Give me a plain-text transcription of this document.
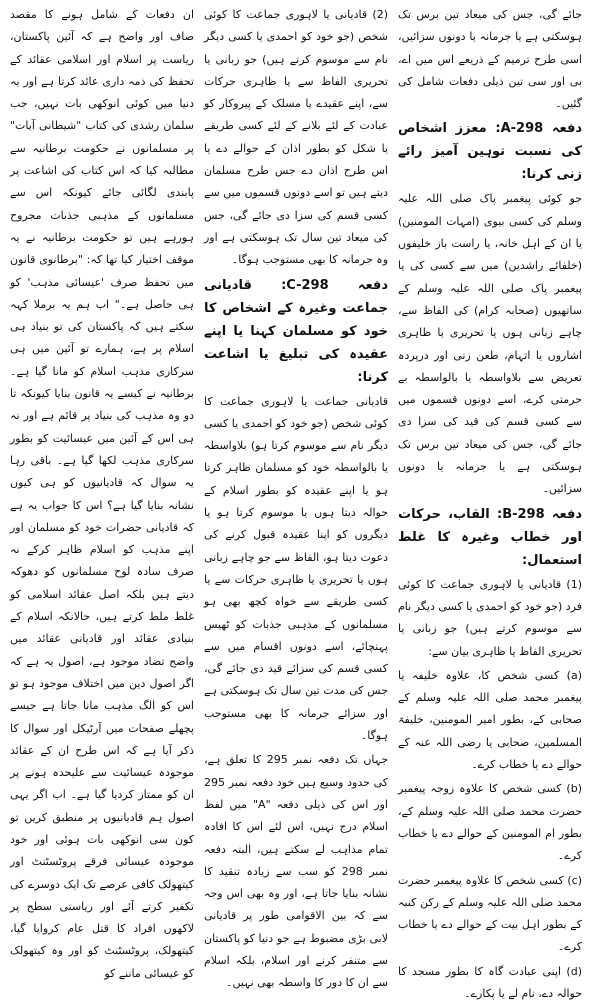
جائے گی، جس کی میعاد تین برس تک ہوسکتی ہے یا جرمانہ یا دونوں سزائیں، اسی طرح ترمیم کے ذریعے اس میں اے، بی اور سی تین ذیلی دفعات شامل کی گئیں۔

دفعہ A-298: معزز اشخاص کی نسبت توہین آمیز رائے زنی کرنا:

جو کوئی پیغمبر پاک صلی اللہ علیہ وسلم کی کسی بیوی (امہات المومنین) یا ان کے اہل خانہ، یا راست باز خلیفوں (خلفائے راشدین) میں سے کسی کی یا پیغمبر پاک صلی اللہ علیہ وسلم کے ساتھیوں (صحابہ کرام) کی الفاظ سے، چاہے زبانی ہوں یا تحریری یا ظاہری اشاروں یا اتہام، طعن زنی اور درپردہ تعریض سے بلاواسطہ یا بالواسطہ بے حرمتی کرے، اسے دونوں قسموں میں سے کسی قسم کی قید کی سزا دی جائے گی، جس کی میعاد تین برس تک ہوسکتی ہے یا جرمانہ یا دونوں سزائیں۔

دفعہ B-298: القاب، حرکات اور خطاب وغیرہ کا غلط استعمال:

(1) قادیانی یا لاہوری جماعت کا کوئی فرد (جو خود کو احمدی یا کسی دیگر نام سے موسوم کرتے ہیں) جو زبانی یا تحریری الفاظ یا ظاہری بیان سے:

(a) کسی شخص کا، علاوہ خلیفہ یا پیغمبر محمد صلی اللہ علیہ وسلم کے صحابی کے، بطور امیر المومنین، خلیفۃ المسلمین، صحابی یا رضی اللہ عنہ کے حوالے دے یا خطاب کرے۔

(b) کسی شخص کا علاوہ زوجہ پیغمبر حضرت محمد صلی اللہ علیہ وسلم کے، بطور ام المومنین کے حوالے دے یا خطاب کرے۔

(c) کسی شخص کا علاوہ پیغمبر حضرت محمد صلی اللہ علیہ وسلم کے رکن کنبہ کے بطور اہل بیت کے حوالے دے یا خطاب کرے۔

(d) اپنی عبادت گاہ کا بطور مسجد کا حوالہ دے، نام لے یا پکارے۔

(2) قادیانی یا لاہوری جماعت کا کوئی شخص (جو خود کو احمدی یا کسی دیگر نام سے موسوم کرتے ہیں) جو زبانی یا تحریری الفاظ سے یا ظاہری حرکات سے، اپنے عقیدے یا مسلک کے پیروکار کو عبادت کے لئے بلانے کے لئے کسی طریقے یا شکل کو بطور اذان کے حوالے دے یا اس طرح اذان دے جس طرح مسلمان دیتے ہیں تو اسے دونوں قسموں میں سے کسی قسم کی سزا دی جائے گی، جس کی میعاد تین سال تک ہوسکتی ہے اور وہ جرمانہ کا بھی مستوجب ہوگا۔

دفعہ C-298: قادیانی جماعت وغیرہ کے اشخاص کا خود کو مسلمان کہنا یا اپنے عقیدہ کی تبلیغ یا اشاعت کرنا:

قادیانی جماعت یا لاہوری جماعت کا کوئی شخص (جو خود کو احمدی یا کسی دیگر نام سے موسوم کرتا ہو) بلاواسطہ یا بالواسطہ خود کو مسلمان ظاہر کرتا ہو یا اپنے عقیدہ کو بطور اسلام کے حوالہ دیتا ہوں یا موسوم کرتا ہو یا دیگروں کو اپنا عقیدہ قبول کرنے کی دعوت دیتا ہو، الفاظ سے جو چاہے زبانی ہوں یا تحریری یا ظاہری حرکات سے یا کسی طریقے سے خواہ کچھ بھی ہو مسلمانوں کے مذہبی جذبات کو ٹھیس پہنچائے، اسے دونوں اقسام میں سے کسی قسم کی سزائے قید دی جائے گی، جس کی مدت تین سال تک ہوسکتی ہے اور سزائے جرمانہ کا بھی مستوجب ہوگا۔

جہاں تک دفعہ نمبر 295 کا تعلق ہے، کی حدود وسیع ہیں خود دفعہ نمبر 295 اور اس کی ذیلی دفعہ "A" میں لفظ اسلام درج نہیں، اس لئے اس کا افادہ تمام مذاہب لے سکتے ہیں، البتہ دفعہ نمبر 298 کو سب سے زیادہ تنقید کا نشانہ بنایا جاتا ہے، اور وہ بھی اس وجہ سے کہ بین الاقوامی طور پر قادیانی لابی بڑی مضبوط ہے جو دنیا کو پاکستان سے متنفر کرنے اور اسلام، بلکہ اسلام سے ان کا دور کا واسطہ بھی نہیں۔

ان دفعات کے شامل ہونے کا مقصد صاف اور واضح ہے کہ آئین پاکستان، ریاست پر اسلام اور اسلامی عقائد کے تحفظ کی ذمہ داری عائد کرتا ہے اور یہ دنیا میں کوئی انوکھی بات نہیں، جب سلمان رشدی کی کتاب "شیطانی آیات" پر مسلمانوں نے حکومت برطانیہ سے مطالبہ کیا کہ اس کتاب کی اشاعت پر پابندی لگائی جائے کیونکہ اس سے مسلمانوں کے مذہبی جذبات مجروح ہورہے ہیں تو حکومت برطانیہ نے یہ موقف اختیار کیا تھا کہ: "برطانوی قانون میں تحفظ صرف 'عیسائی مذہب' کو ہی حاصل ہے۔" اب ہم یہ برملا کہہ سکتے ہیں کہ پاکستان کی تو بنیاد ہی اسلام پر ہے، ہمارے تو آئین میں ہی سرکاری مذہب اسلام کو مانا گیا ہے۔ برطانیہ نے کیسے یہ قانون بنایا کیونکہ تا دو وہ مذہب کی بنیاد پر قائم ہے اور نہ ہی اس کے آئین میں عیسائیت کو بطور سرکاری مذہب لکھا گیا ہے۔ باقی رہا یہ سوال کہ قادیانیوں کو ہی کیوں نشانہ بنایا گیا ہے؟ اس کا جواب یہ ہے کہ قادیانی حضرات خود کو مسلمان اور اپنے مذہب کو اسلام ظاہر کرکے نہ صرف سادہ لوح مسلمانوں کو دھوکہ دیتے ہیں بلکہ اصل عقائد اسلامی کو غلط ملط کرتے ہیں، حالانکہ اسلام کے بنیادی عقائد اور قادیانی عقائد میں واضح تضاد موجود ہے، اصول یہ ہے کہ اگر اصول دین میں اختلاف موجود ہو تو اس کو الگ مذہب مانا جاتا ہے جیسے پچھلے صفحات میں آرٹیکل اور سوال کا ذکر آیا ہے کہ اس طرح ان کے عقائد موجودہ عیسائیت سے علیحدہ ہونے پر ان کو ممتاز کردیا گیا ہے۔ اب اگر یہی اصول ہم قادیانیوں پر منطبق کریں تو کون سی انوکھی بات ہوئی اور خود موجودہ عیسائی فرقے پروٹسٹنٹ اور کیتھولک کافی عرصے تک ایک دوسرے کی تکفیر کرتے آئے اور ریاستی سطح پر لاکھوں افراد کا قتل عام کروایا گیا، کیتھولک، پروٹسٹنٹ کو اور وہ کیتھولک کو عیسائی ماننے کو
